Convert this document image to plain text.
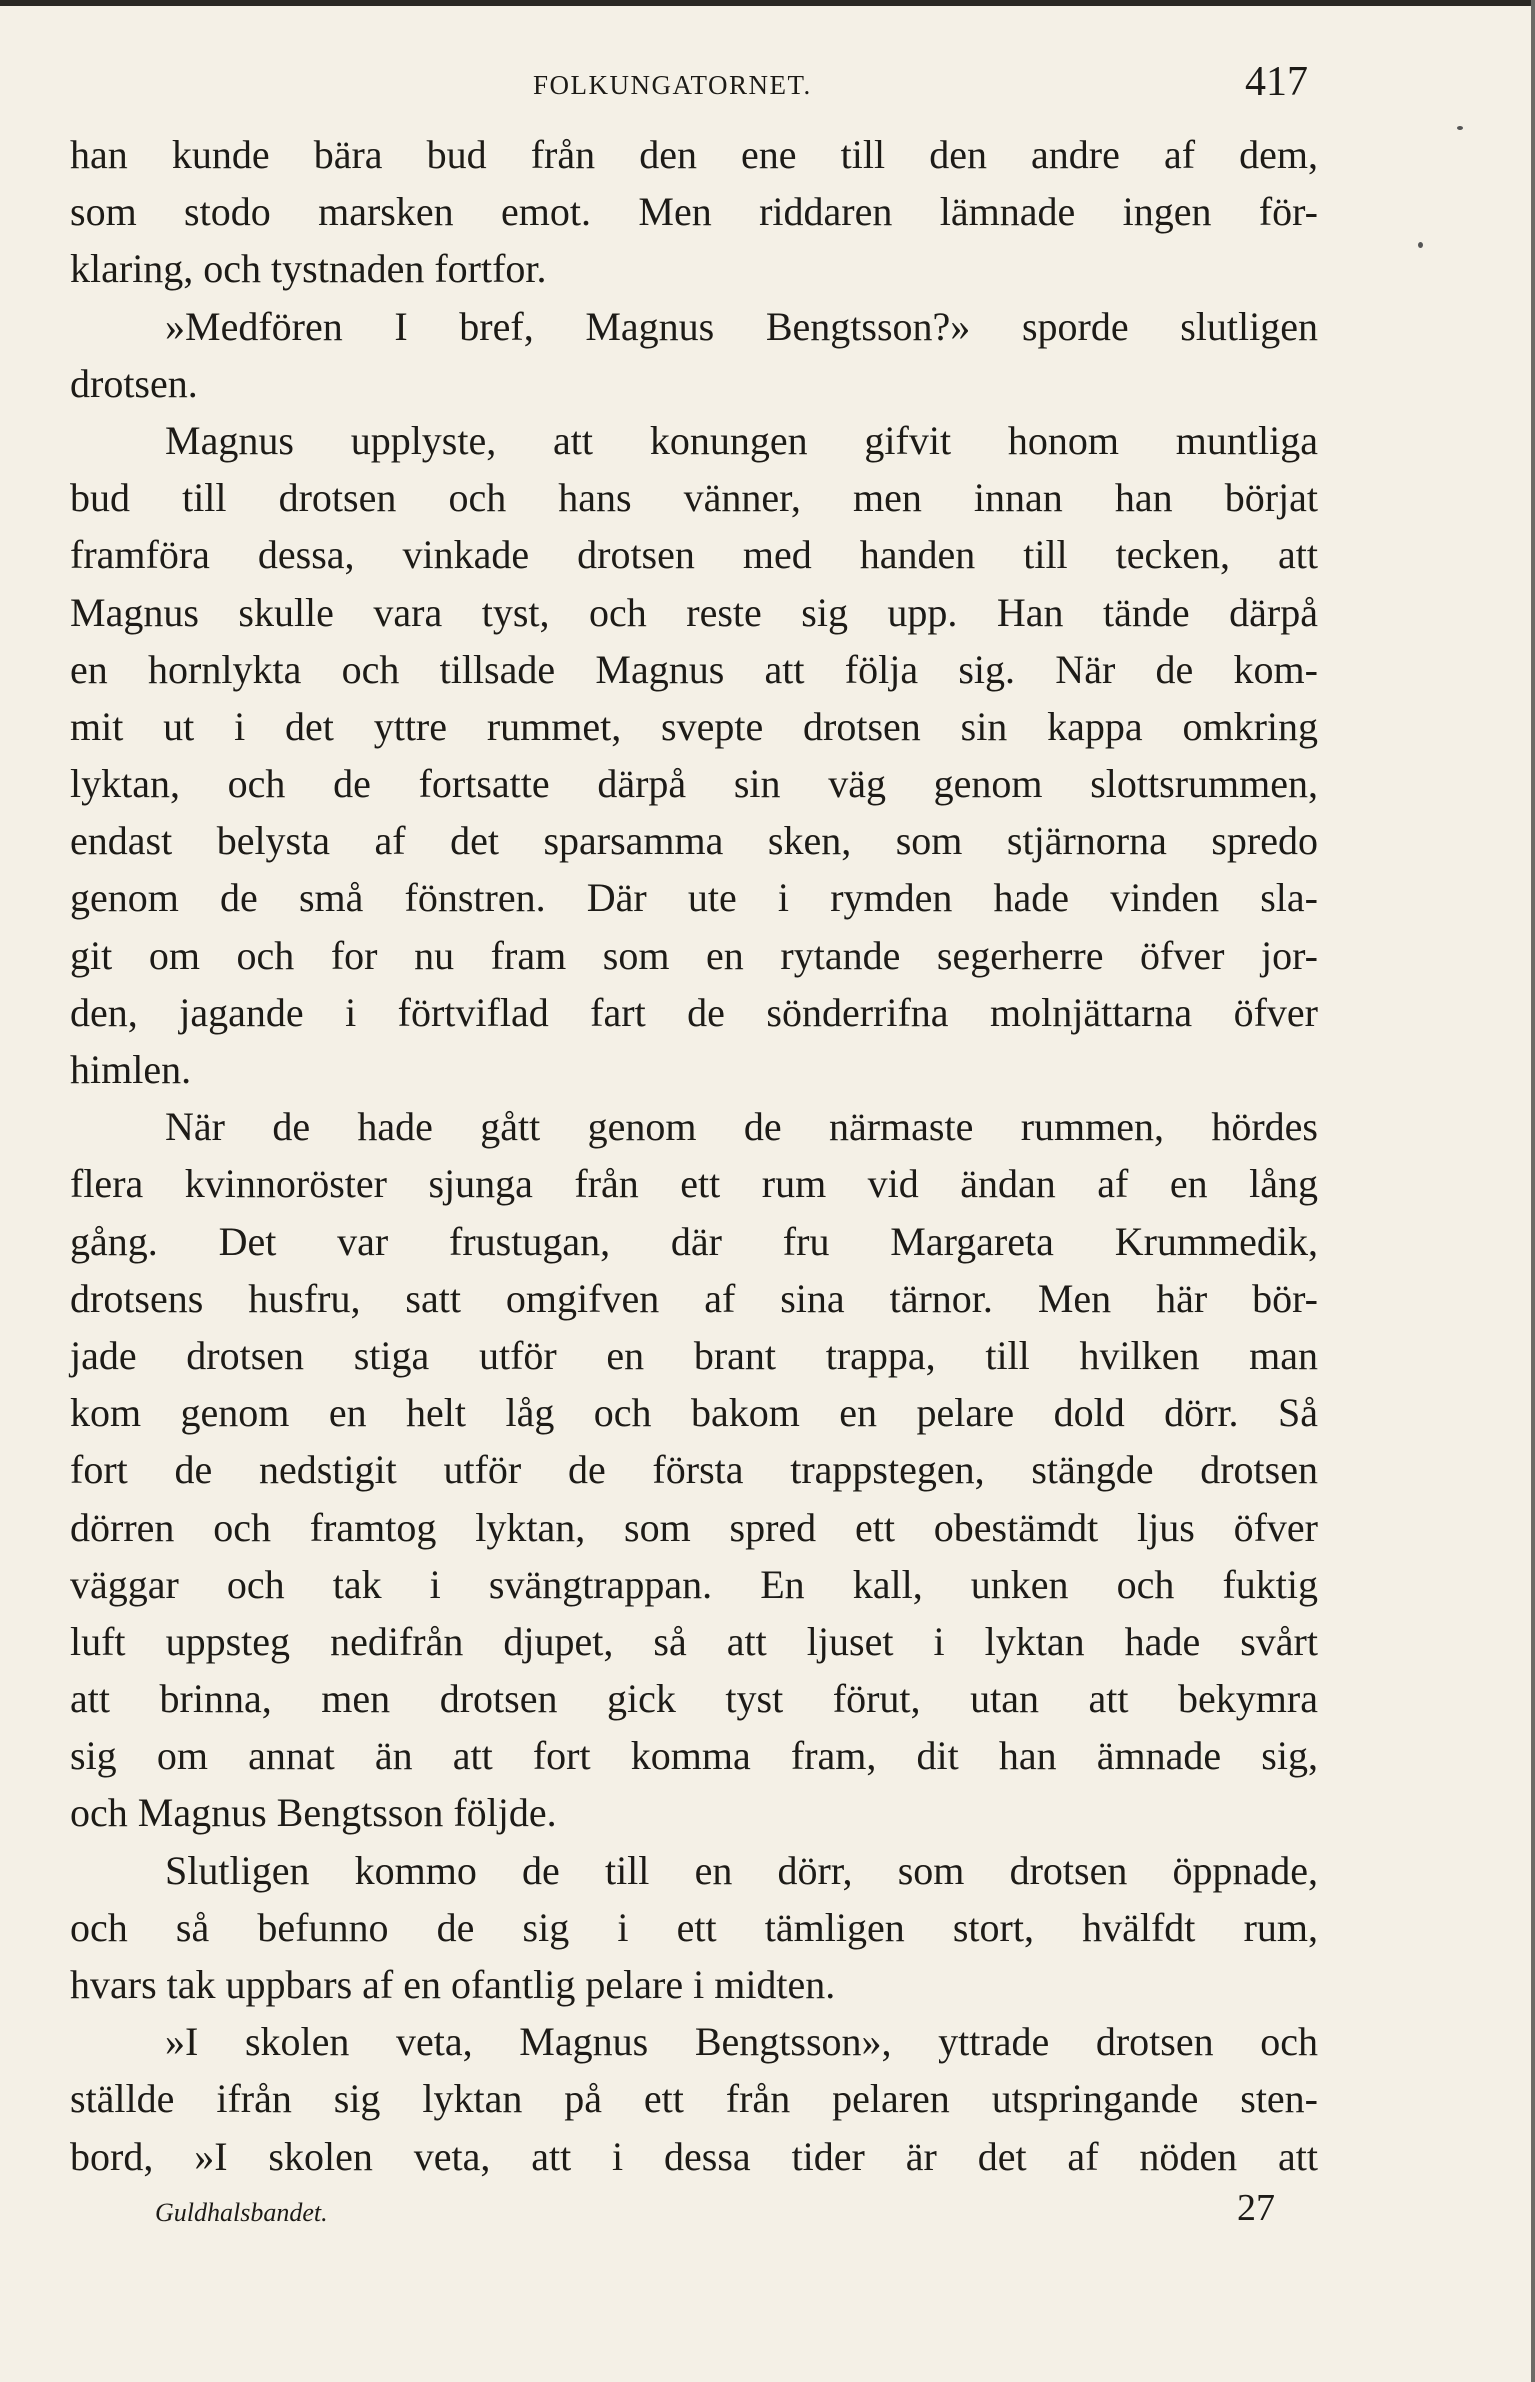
FOLKUNGATORNET.	417
han kunde bära bud från den ene till den andre af dem,
som stodo marsken emot. Men riddaren lämnade ingen för-
klaring, och tystnaden fortfor.
»Medfören I bref, Magnus Bengtsson?» sporde slutligen
drotsen.
Magnus upplyste, att konungen gifvit honom muntliga
bud till drotsen och hans vänner, men innan han börjat
framföra dessa, vinkade drotsen med handen till tecken, att
Magnus skulle vara tyst, och reste sig upp. Han tände därpå
en hornlykta och tillsade Magnus att följa sig. När de kom-
mit ut i det yttre rummet, svepte drotsen sin kappa omkring
lyktan, och de fortsatte därpå sin väg genom slottsrummen,
endast belysta af det sparsamma sken, som stjärnorna spredo
genom de små fönstren. Där ute i rymden hade vinden sla-
git om och for nu fram som en rytande segerherre öfver jor-
den, jagande i förtviflad fart de sönderrifna molnjättarna öfver
himlen.
När de hade gått genom de närmaste rummen, hördes
flera kvinnoröster sjunga från ett rum vid ändan af en lång
gång. Det var frustugan, där fru Margareta Krummedik,
drotsens husfru, satt omgifven af sina tärnor. Men här bör-
jade drotsen stiga utför en brant trappa, till hvilken man
kom genom en helt låg och bakom en pelare dold dörr. Så
fort de nedstigit utför de första trappstegen, stängde drotsen
dörren och framtog lyktan, som spred ett obestämdt ljus öfver
väggar och tak i svängtrappan. En kall, unken och fuktig
luft uppsteg nedifrån djupet, så att ljuset i lyktan hade svårt
att brinna, men drotsen gick tyst förut, utan att bekymra
sig om annat än att fort komma fram, dit han ämnade sig,
och Magnus Bengtsson följde.
Slutligen kommo de till en dörr, som drotsen öppnade,
och så befunno de sig i ett tämligen stort, hvälfdt rum,
hvars tak uppbars af en ofantlig pelare i midten.
»I skolen veta, Magnus Bengtsson», yttrade drotsen och
ställde ifrån sig lyktan på ett från pelaren utspringande sten-
bord, »I skolen veta, att i dessa tider är det af nöden att
Guldhalsbandet.	27
